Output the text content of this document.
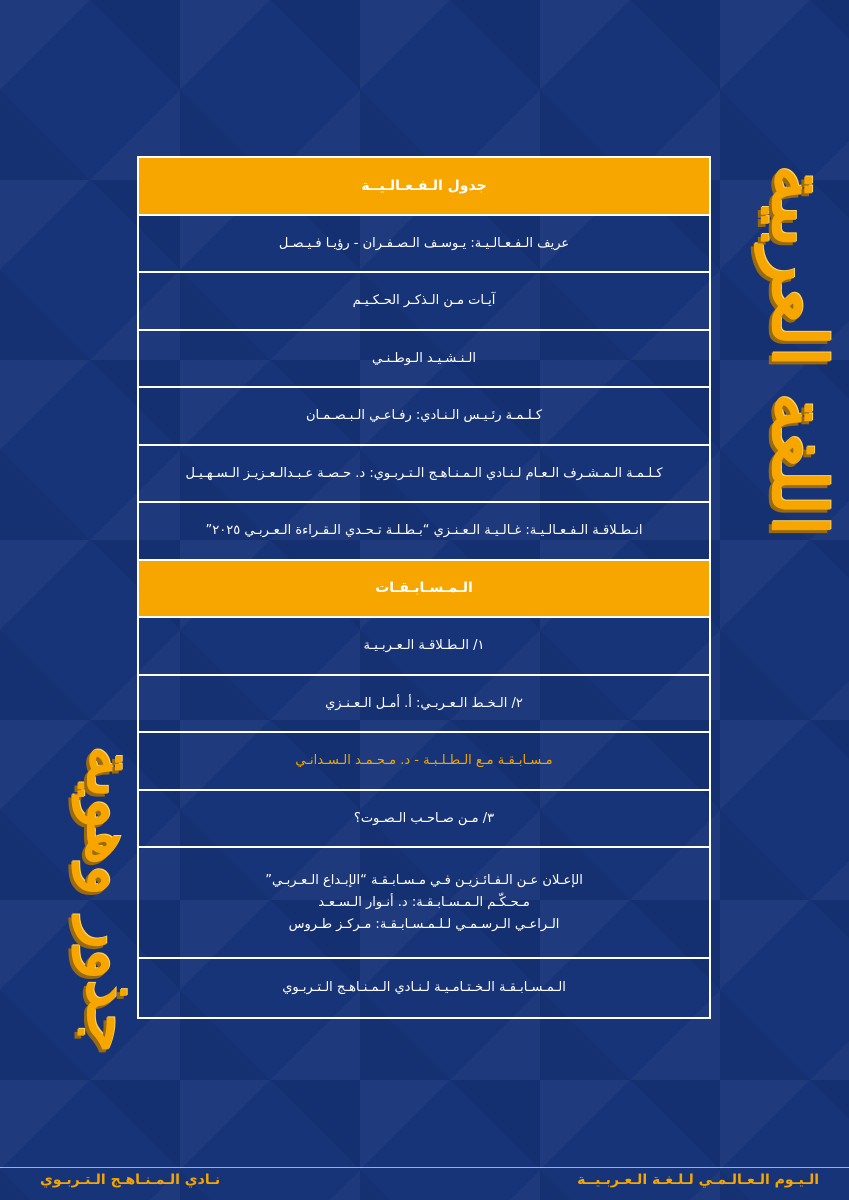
اللغة العربية
جذور وهوية
جدول الـفـعـالـيــة
عريف الـفـعـالـيـة: يـوسـف الـصـفـران - رؤيـا فـيـصـل
آيـات مـن الـذكـر الحـكـيـم
الـنـشـيـد الـوطـنـي
كـلـمـة رئـيـس الـنـادي: رفـاعـي الـبـصـمـان
كـلـمـة الـمـشـرف الـعـام لـنـادي الـمـنـاهـج الـتـربـوي: د. حـصـة عـبـدالـعـزيـز الـسـهـيـل
انـطـلاقـة الـفـعـالـيـة: غـالـيـة الـعـنـزي “بـطـلـة تـحـدي الـقـراءة الـعـربـي ٢٠٢٥”
الـمـسـابـقـات
١/ الـطـلاقـة الـعـربـيـة
٢/ الـخـط الـعـربـي: أ. أمـل الـعـنـزي
مـسـابـقـة مـع الـطـلـبـة - د. مـحـمـد الـسـدانـي
٣/ مـن صـاحـب الـصـوت؟
الإعـلان عـن الـفـائـزيـن فـي مـسـابـقـة “الإبـداع الـعـربـي”
مـحـكّـم الـمـسـابـقـة: د. أنـوار الـسـعـد
الـراعـي الـرسـمـي لـلـمـسـابـقـة: مـركـز طـروس
الـمـسـابـقـة الـخـتـامـيـة لـنـادي الـمـنـاهـج الـتـربـوي
الـيـوم الـعـالـمـي لـلـغـة الـعـربـيــة
نـادي الـمـنـاهـج الـتـربـوي
